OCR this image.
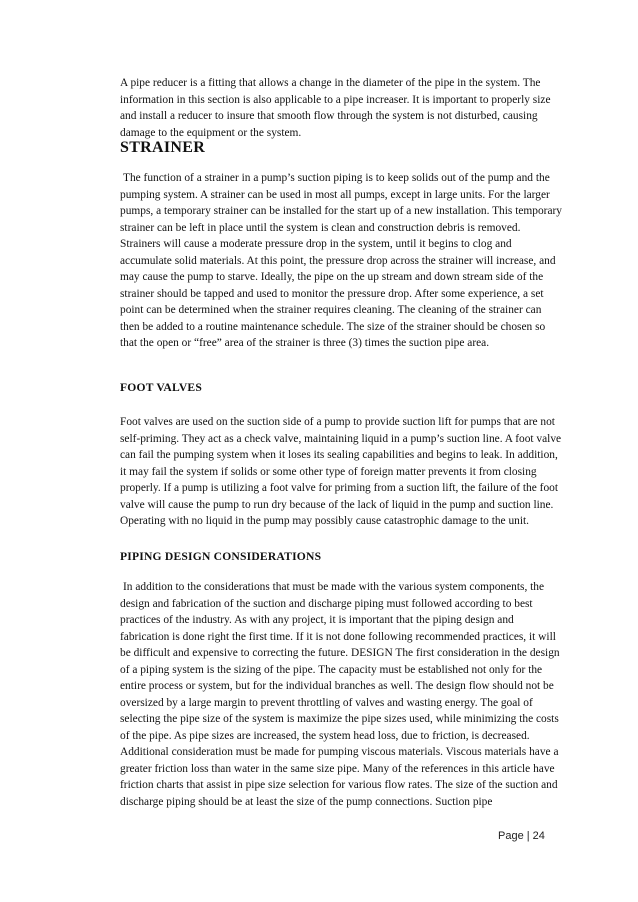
A pipe reducer is a fitting that allows a change in the diameter of the pipe in the system. The information in this section is also applicable to a pipe increaser. It is important to properly size and install a reducer to insure that smooth flow through the system is not disturbed, causing damage to the equipment or the system.

STRAINER

The function of a strainer in a pump’s suction piping is to keep solids out of the pump and the pumping system. A strainer can be used in most all pumps, except in large units. For the larger pumps, a temporary strainer can be installed for the start up of a new installation. This temporary strainer can be left in place until the system is clean and construction debris is removed. Strainers will cause a moderate pressure drop in the system, until it begins to clog and accumulate solid materials. At this point, the pressure drop across the strainer will increase, and may cause the pump to starve. Ideally, the pipe on the up stream and down stream side of the strainer should be tapped and used to monitor the pressure drop. After some experience, a set point can be determined when the strainer requires cleaning. The cleaning of the strainer can then be added to a routine maintenance schedule. The size of the strainer should be chosen so that the open or “free” area of the strainer is three (3) times the suction pipe area.

FOOT VALVES

Foot valves are used on the suction side of a pump to provide suction lift for pumps that are not self-priming. They act as a check valve, maintaining liquid in a pump’s suction line. A foot valve can fail the pumping system when it loses its sealing capabilities and begins to leak. In addition, it may fail the system if solids or some other type of foreign matter prevents it from closing properly. If a pump is utilizing a foot valve for priming from a suction lift, the failure of the foot valve will cause the pump to run dry because of the lack of liquid in the pump and suction line. Operating with no liquid in the pump may possibly cause catastrophic damage to the unit.

PIPING DESIGN CONSIDERATIONS

In addition to the considerations that must be made with the various system components, the design and fabrication of the suction and discharge piping must followed according to best practices of the industry. As with any project, it is important that the piping design and fabrication is done right the first time. If it is not done following recommended practices, it will be difficult and expensive to correcting the future. DESIGN The first consideration in the design of a piping system is the sizing of the pipe. The capacity must be established not only for the entire process or system, but for the individual branches as well. The design flow should not be oversized by a large margin to prevent throttling of valves and wasting energy. The goal of selecting the pipe size of the system is maximize the pipe sizes used, while minimizing the costs of the pipe. As pipe sizes are increased, the system head loss, due to friction, is decreased. Additional consideration must be made for pumping viscous materials. Viscous materials have a greater friction loss than water in the same size pipe. Many of the references in this article have friction charts that assist in pipe size selection for various flow rates. The size of the suction and discharge piping should be at least the size of the pump connections. Suction pipe

Page | 24
